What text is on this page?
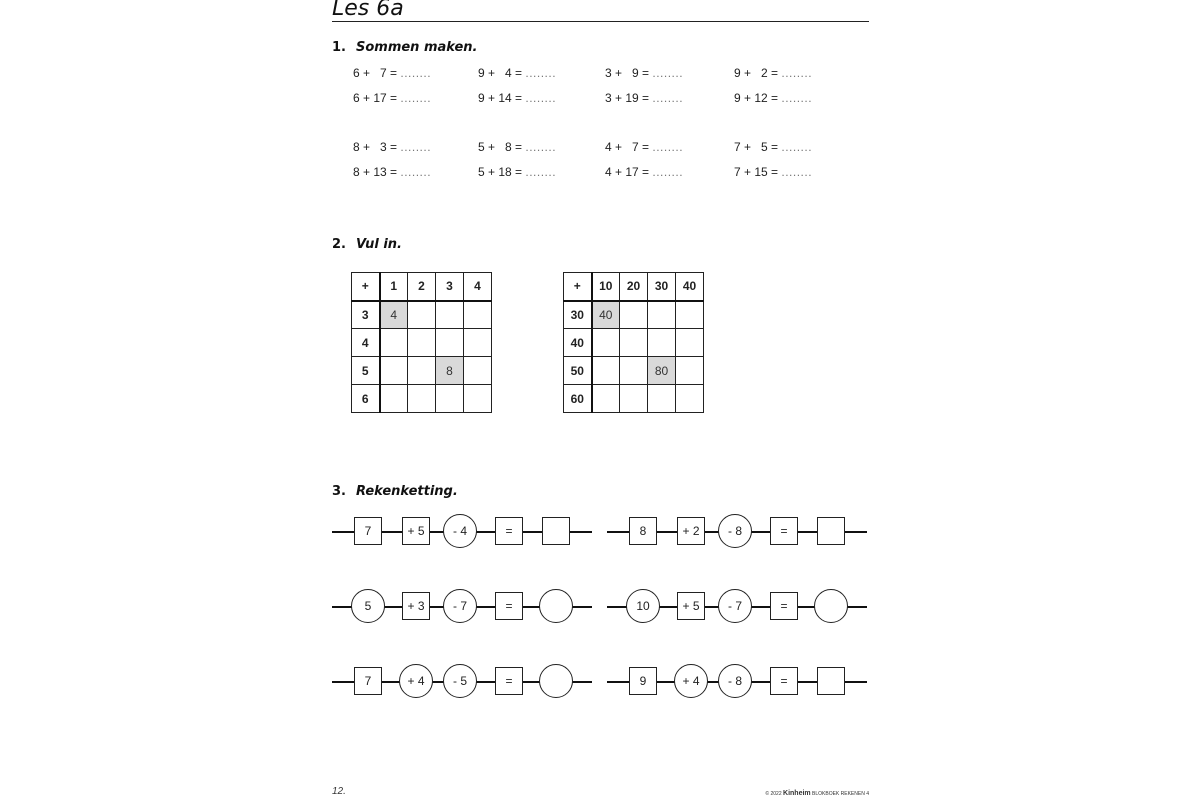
Les 6a
1. Sommen maken.
6 +   7 = ........	9 +   4 = ........	3 +   9 = ........	9 +   2 = ........
6 + 17 = ........	9 + 14 = ........	3 + 19 = ........	9 + 12 = ........
8 +   3 = ........	5 +   8 = ........	4 +   7 = ........	7 +   5 = ........
8 + 13 = ........	5 + 18 = ........	4 + 17 = ........	7 + 15 = ........
2. Vul in.
+	1	2	3	4
3	4			
4				
5			8	
6				
+	10	20	30	40
30	40			
40				
50			80	
60				
3. Rekenketting.
7	+ 5	- 4	=	8	+ 2	- 8	=
5	+ 3	- 7	=	10	+ 5	- 7	=
7	+ 4	- 5	=	9	+ 4	- 8	=
12.	© 2022 Kinheim BLOKBOEK REKENEN 4
